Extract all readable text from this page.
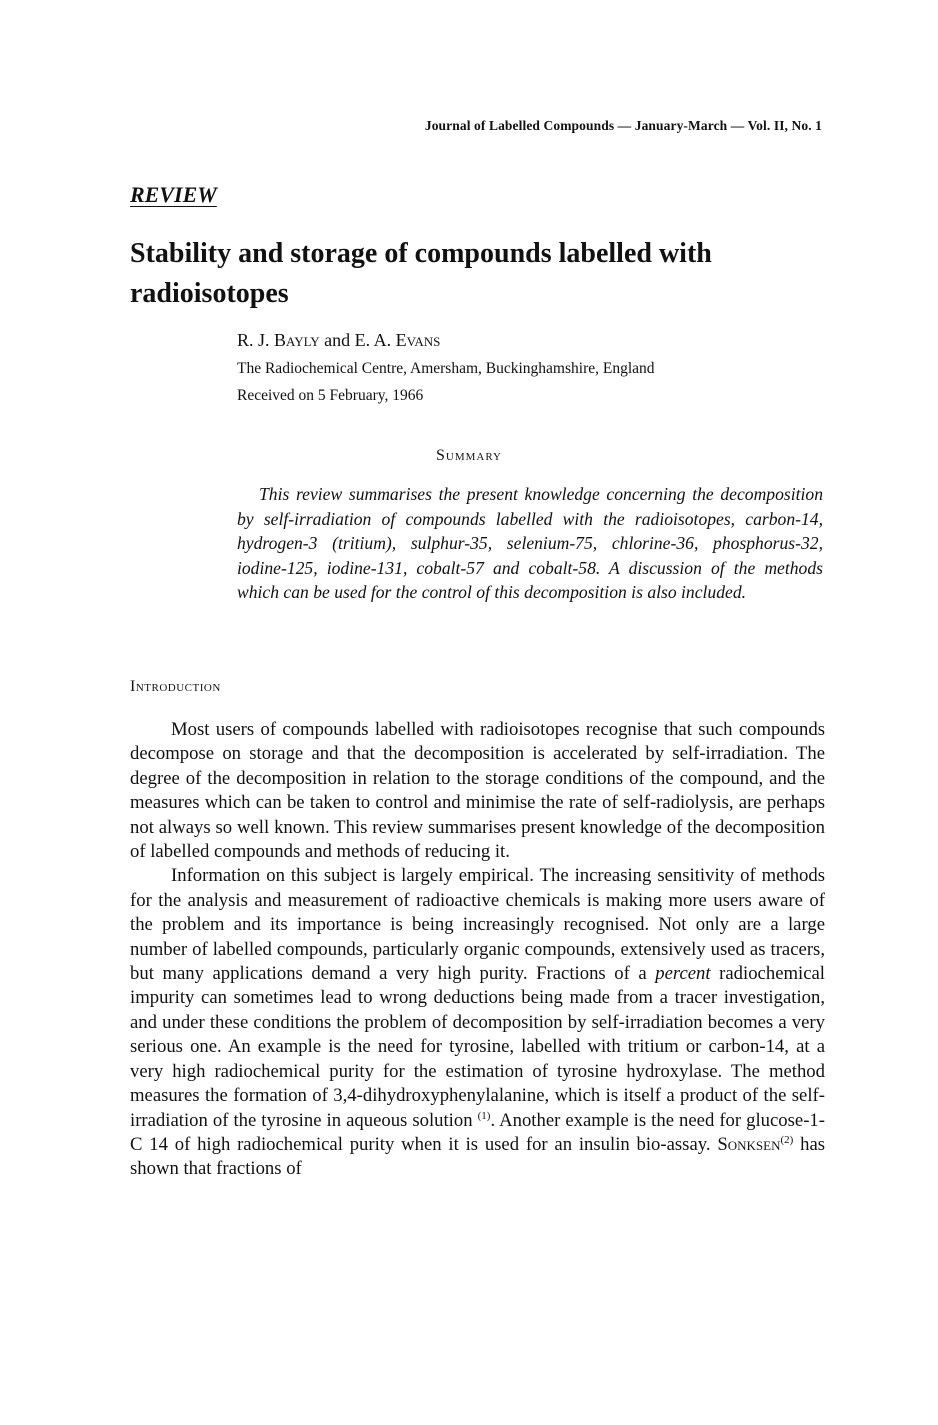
Journal of Labelled Compounds — January-March — Vol. II, No. 1
REVIEW
Stability and storage of compounds labelled with radioisotopes
R. J. Bayly and E. A. Evans
The Radiochemical Centre, Amersham, Buckinghamshire, England
Received on 5 February, 1966
Summary

This review summarises the present knowledge concerning the decomposition by self-irradiation of compounds labelled with the radioisotopes, carbon-14, hydrogen-3 (tritium), sulphur-35, selenium-75, chlorine-36, phosphorus-32, iodine-125, iodine-131, cobalt-57 and cobalt-58. A discussion of the methods which can be used for the control of this decomposition is also included.

Introduction

Most users of compounds labelled with radioisotopes recognise that such compounds decompose on storage and that the decomposition is accelerated by self-irradiation. The degree of the decomposition in relation to the storage conditions of the compound, and the measures which can be taken to control and minimise the rate of self-radiolysis, are perhaps not always so well known. This review summarises present knowledge of the decomposition of labelled compounds and methods of reducing it.

Information on this subject is largely empirical. The increasing sensitivity of methods for the analysis and measurement of radioactive chemicals is making more users aware of the problem and its importance is being increasingly recognised. Not only are a large number of labelled compounds, particularly organic compounds, extensively used as tracers, but many applications demand a very high purity. Fractions of a percent radiochemical impurity can sometimes lead to wrong deductions being made from a tracer investigation, and under these conditions the problem of decomposition by self-irradiation becomes a very serious one. An example is the need for tyrosine, labelled with tritium or carbon-14, at a very high radiochemical purity for the estimation of tyrosine hydroxylase. The method measures the formation of 3,4-dihydroxyphenylalanine, which is itself a product of the self-irradiation of the tyrosine in aqueous solution $^{(1)}$. Another example is the need for glucose-1-C 14 of high radiochemical purity when it is used for an insulin bio-assay. Sonksen$^{(2)}$ has shown that fractions of
